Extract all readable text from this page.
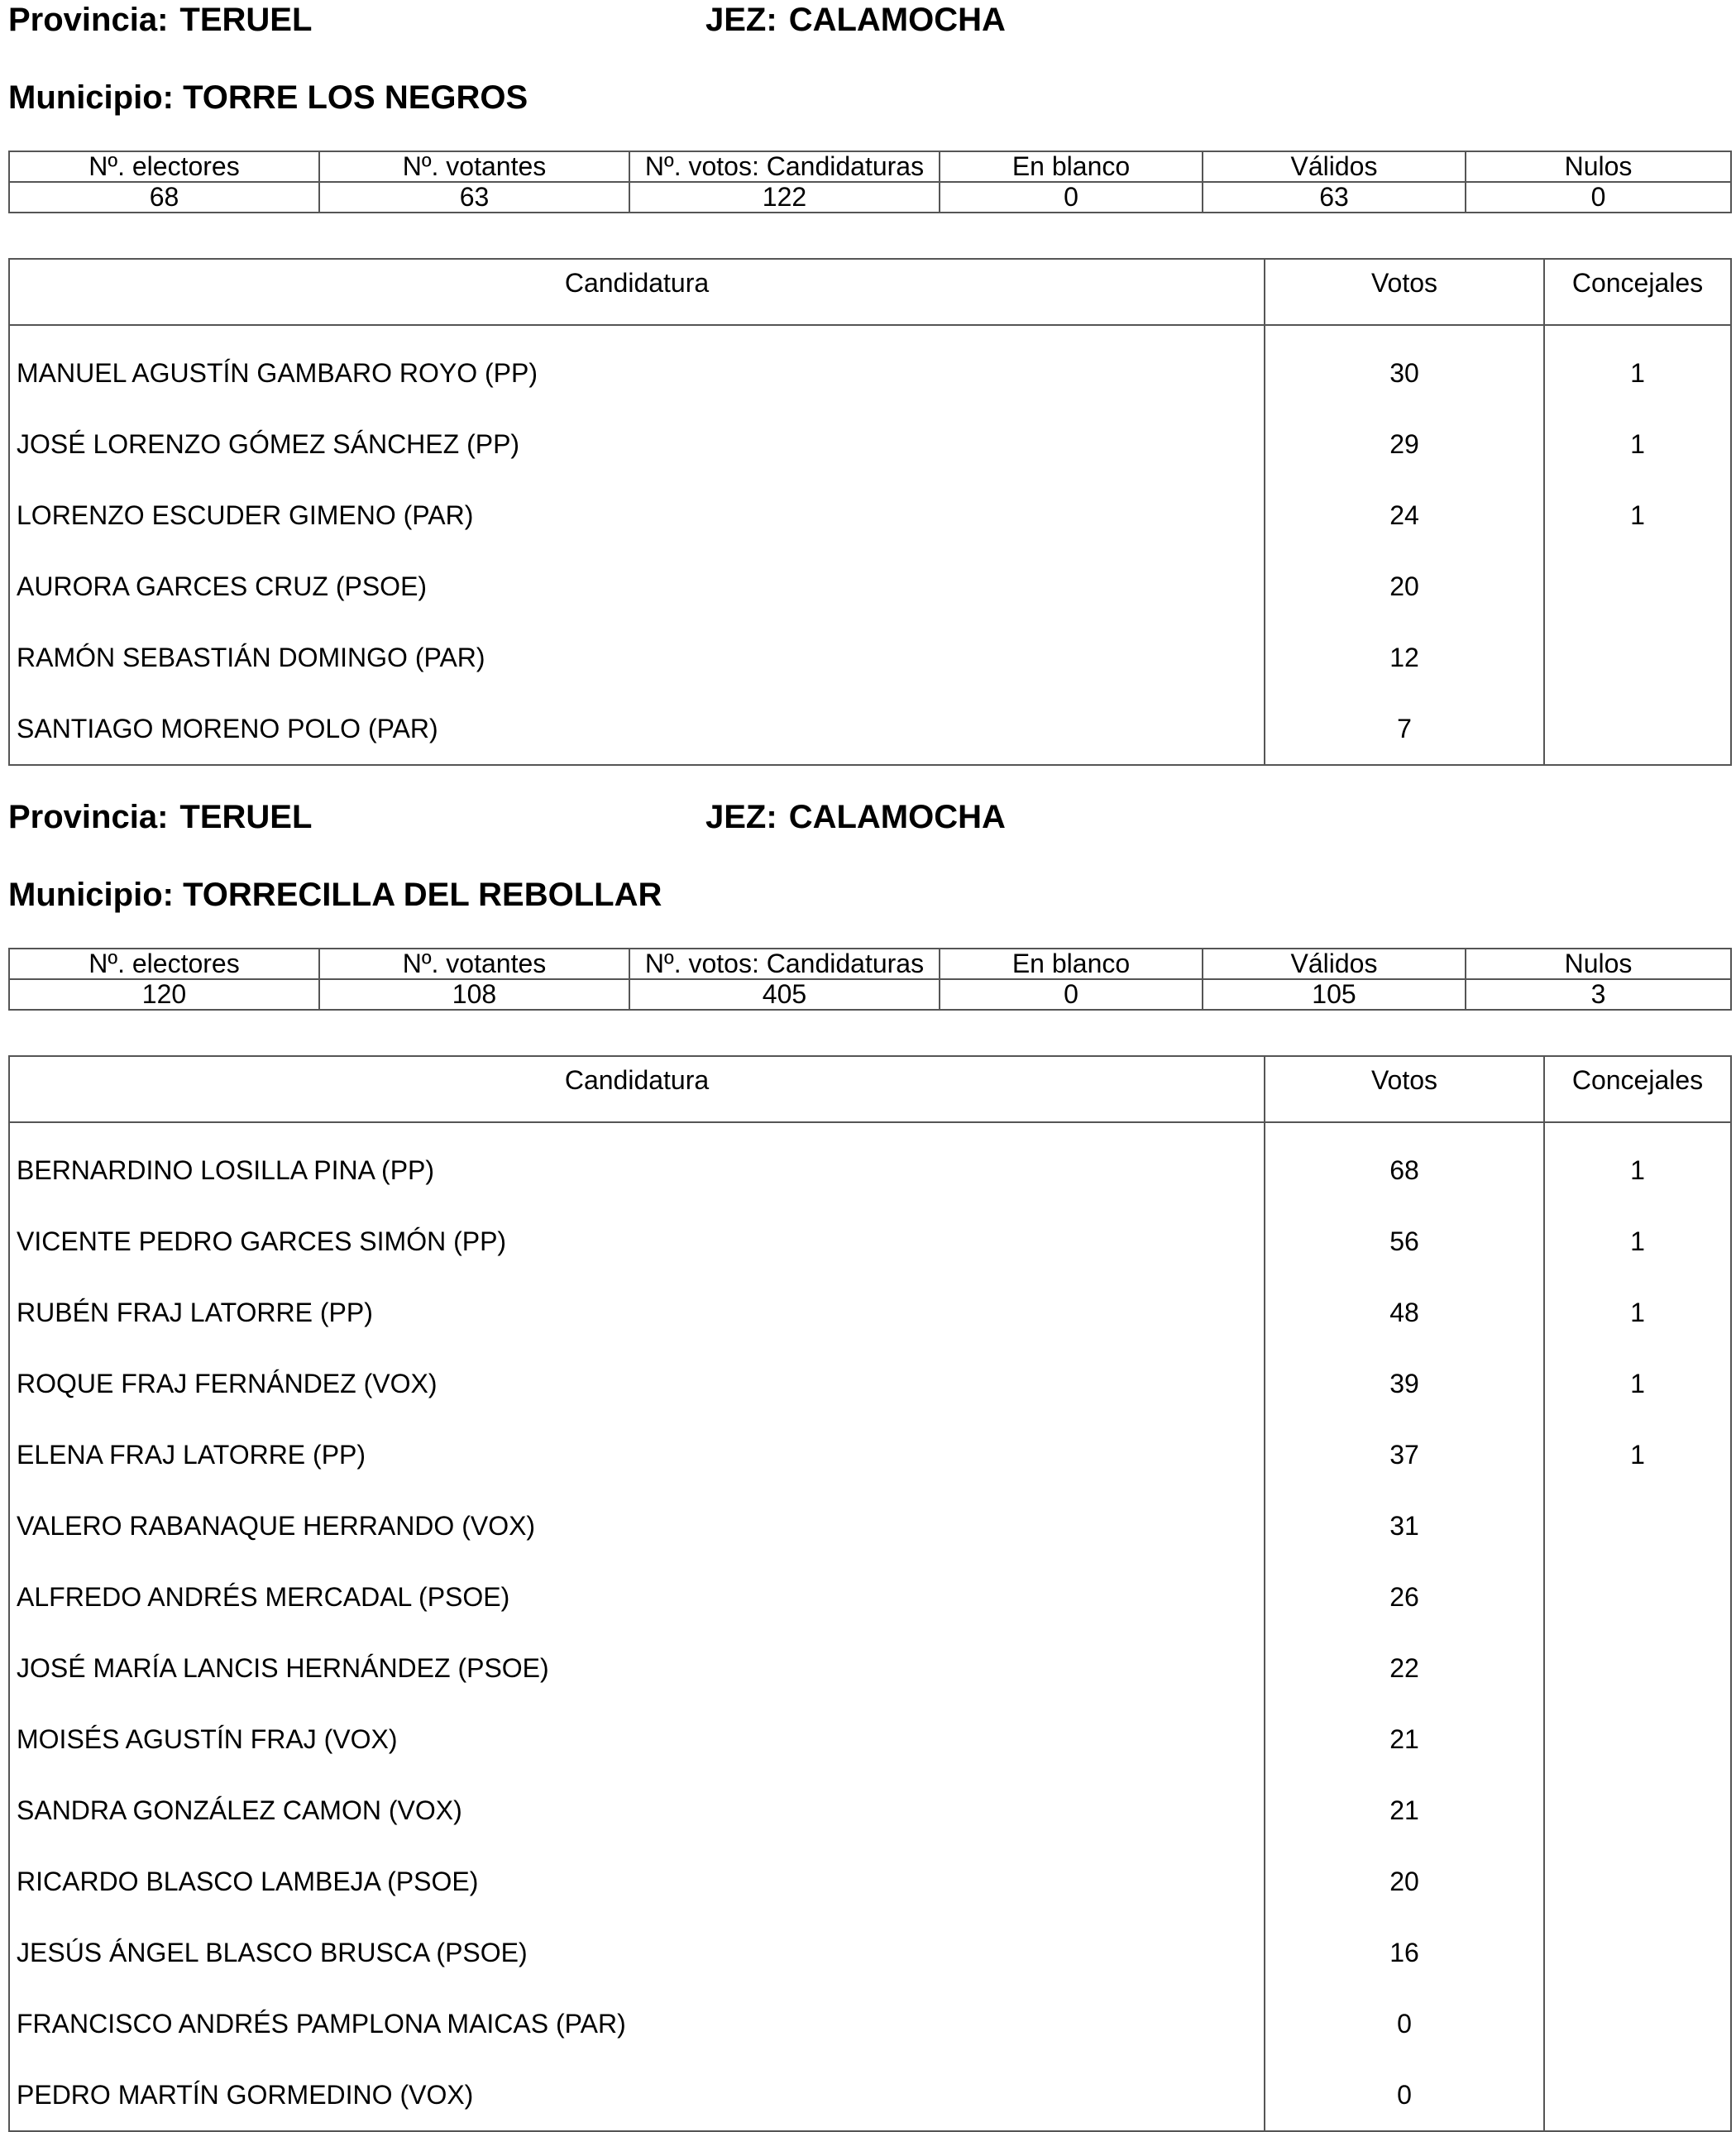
Provincia: TERUEL	JEZ: CALAMOCHA
Municipio: TORRE LOS NEGROS
Nº. electores	Nº. votantes	Nº. votos: Candidaturas	En blanco	Válidos	Nulos
68	63	122	0	63	0
Candidatura	Votos	Concejales
MANUEL AGUSTÍN GAMBARO ROYO (PP)	30	1
JOSÉ LORENZO GÓMEZ SÁNCHEZ (PP)	29	1
LORENZO ESCUDER GIMENO (PAR)	24	1
AURORA GARCES CRUZ (PSOE)	20	
RAMÓN SEBASTIÁN DOMINGO (PAR)	12	
SANTIAGO MORENO POLO (PAR)	7	
Provincia: TERUEL	JEZ: CALAMOCHA
Municipio: TORRECILLA DEL REBOLLAR
Nº. electores	Nº. votantes	Nº. votos: Candidaturas	En blanco	Válidos	Nulos
120	108	405	0	105	3
Candidatura	Votos	Concejales
BERNARDINO LOSILLA PINA (PP)	68	1
VICENTE PEDRO GARCES SIMÓN (PP)	56	1
RUBÉN FRAJ LATORRE (PP)	48	1
ROQUE FRAJ FERNÁNDEZ (VOX)	39	1
ELENA FRAJ LATORRE (PP)	37	1
VALERO RABANAQUE HERRANDO (VOX)	31	
ALFREDO ANDRÉS MERCADAL (PSOE)	26	
JOSÉ MARÍA LANCIS HERNÁNDEZ (PSOE)	22	
MOISÉS AGUSTÍN FRAJ (VOX)	21	
SANDRA GONZÁLEZ CAMON (VOX)	21	
RICARDO BLASCO LAMBEJA (PSOE)	20	
JESÚS ÁNGEL BLASCO BRUSCA (PSOE)	16	
FRANCISCO ANDRÉS PAMPLONA MAICAS (PAR)	0	
PEDRO MARTÍN GORMEDINO (VOX)	0	
